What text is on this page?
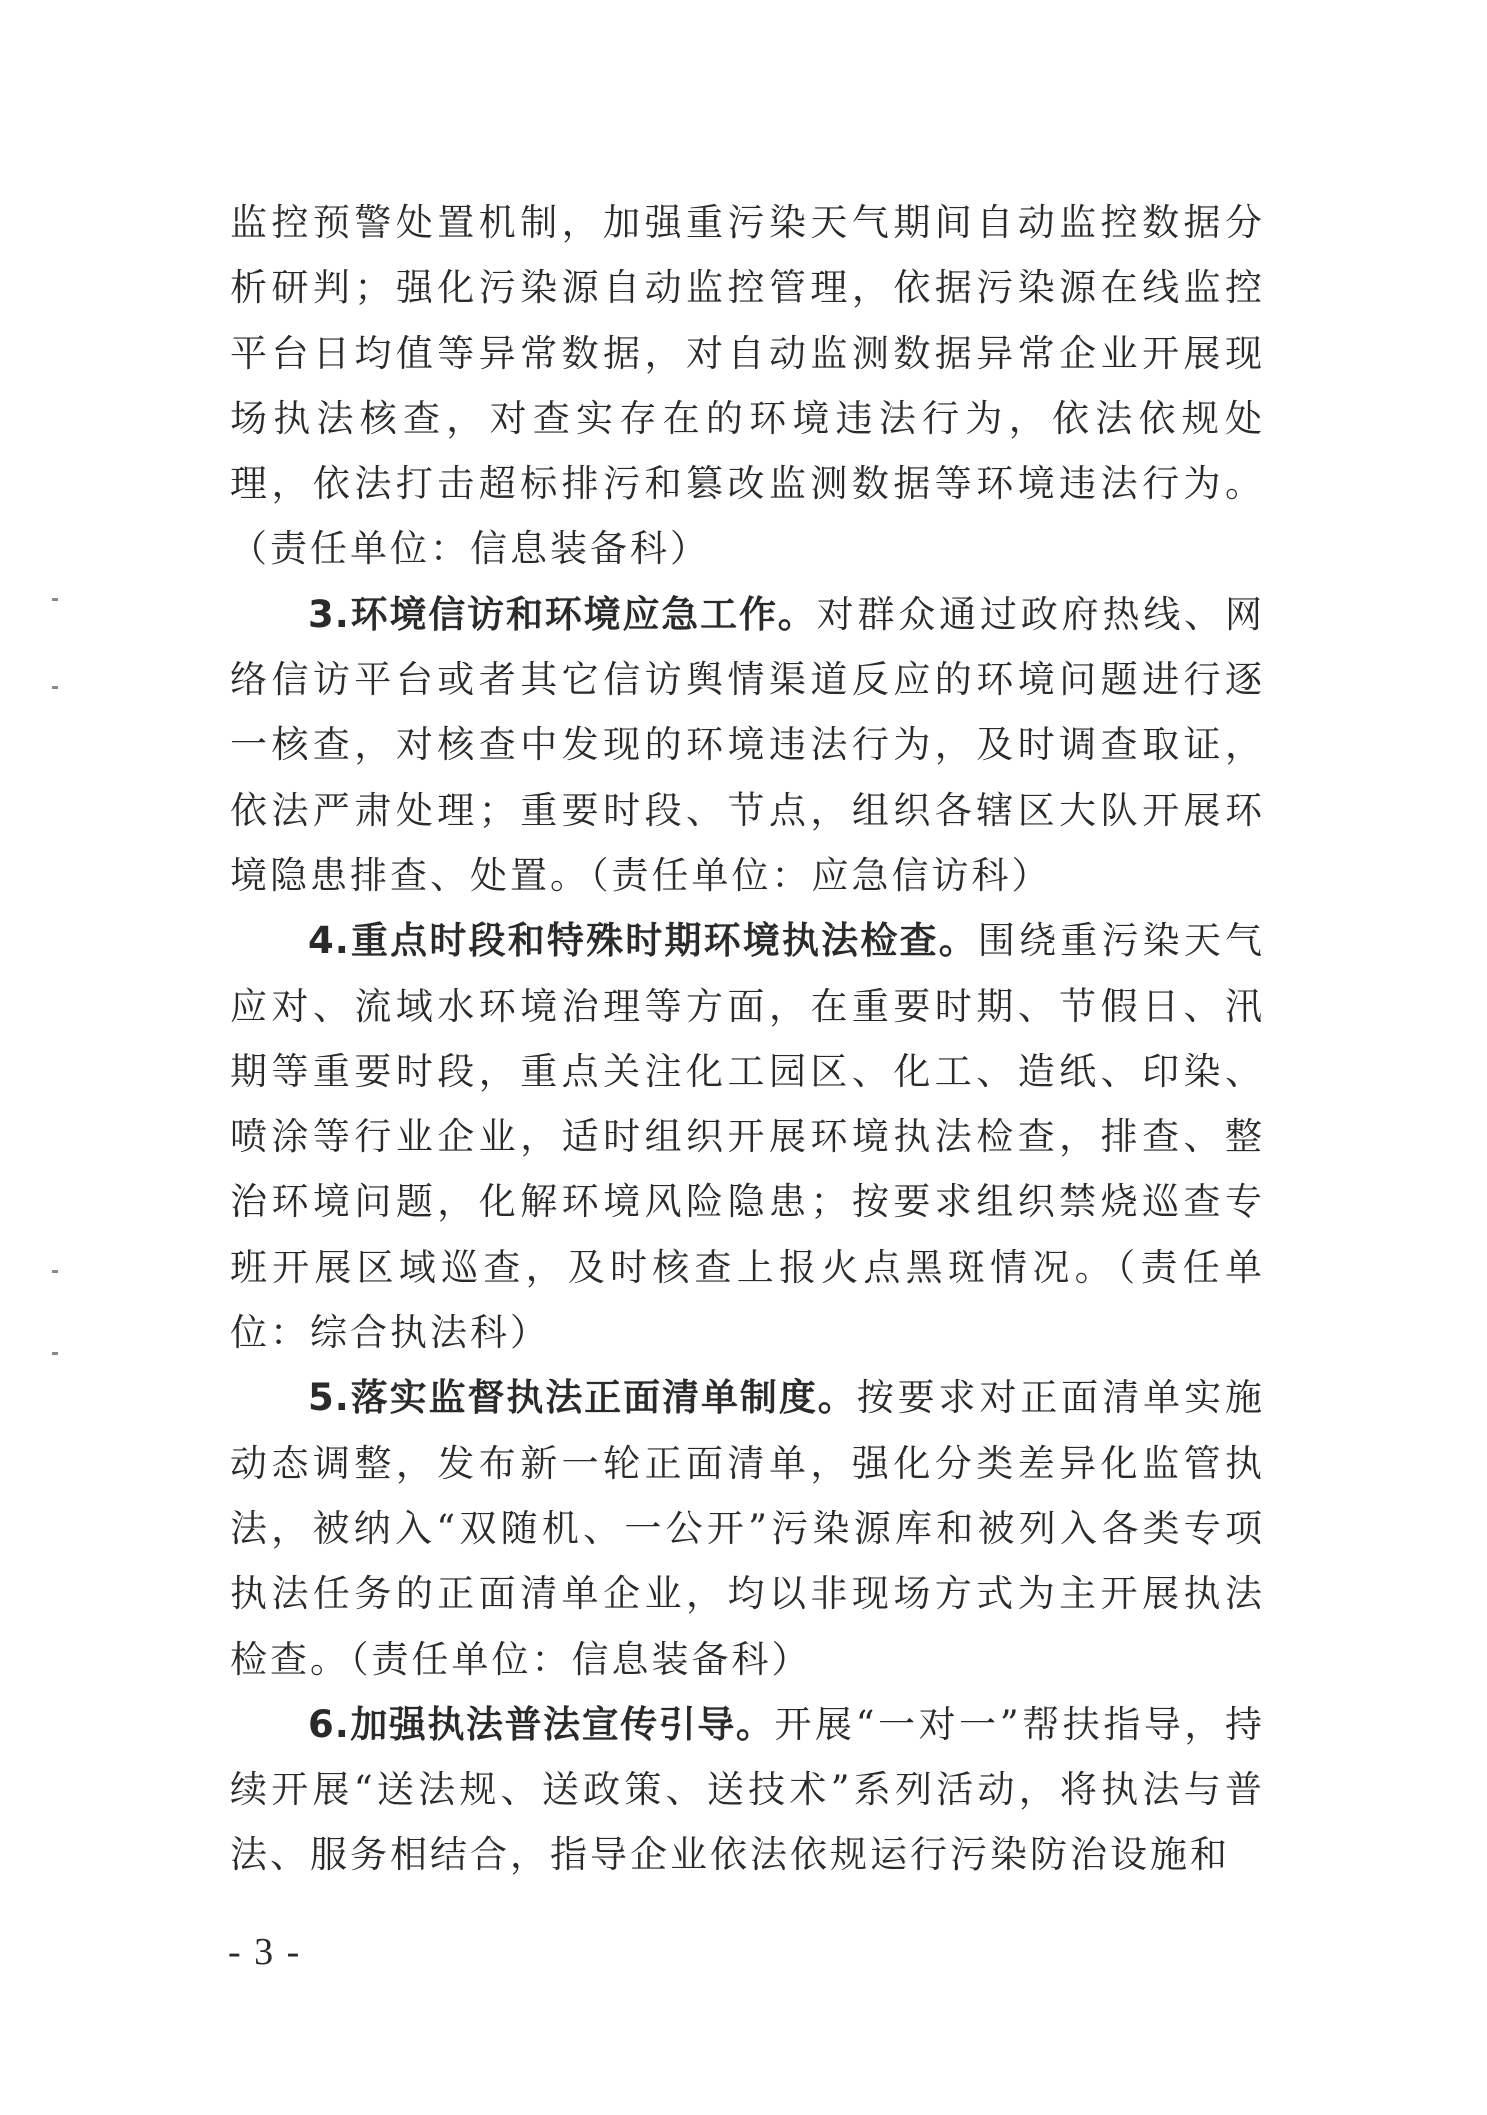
监控预警处置机制，加强重污染天气期间自动监控数据分析研判；强化污染源自动监控管理，依据污染源在线监控平台日均值等异常数据，对自动监测数据异常企业开展现场执法核查，对查实存在的环境违法行为，依法依规处理，依法打击超标排污和篡改监测数据等环境违法行为。（责任单位：信息装备科）

3.环境信访和环境应急工作。对群众通过政府热线、网络信访平台或者其它信访舆情渠道反应的环境问题进行逐一核查，对核查中发现的环境违法行为，及时调查取证，依法严肃处理；重要时段、节点，组织各辖区大队开展环境隐患排查、处置。（责任单位：应急信访科）

4.重点时段和特殊时期环境执法检查。围绕重污染天气应对、流域水环境治理等方面，在重要时期、节假日、汛期等重要时段，重点关注化工园区、化工、造纸、印染、喷涂等行业企业，适时组织开展环境执法检查，排查、整治环境问题，化解环境风险隐患；按要求组织禁烧巡查专班开展区域巡查，及时核查上报火点黑斑情况。（责任单位：综合执法科）

5.落实监督执法正面清单制度。按要求对正面清单实施动态调整，发布新一轮正面清单，强化分类差异化监管执法，被纳入“双随机、一公开”污染源库和被列入各类专项执法任务的正面清单企业，均以非现场方式为主开展执法检查。（责任单位：信息装备科）

6.加强执法普法宣传引导。开展“一对一”帮扶指导，持续开展“送法规、送政策、送技术”系列活动，将执法与普法、服务相结合，指导企业依法依规运行污染防治设施和

- 3 -
